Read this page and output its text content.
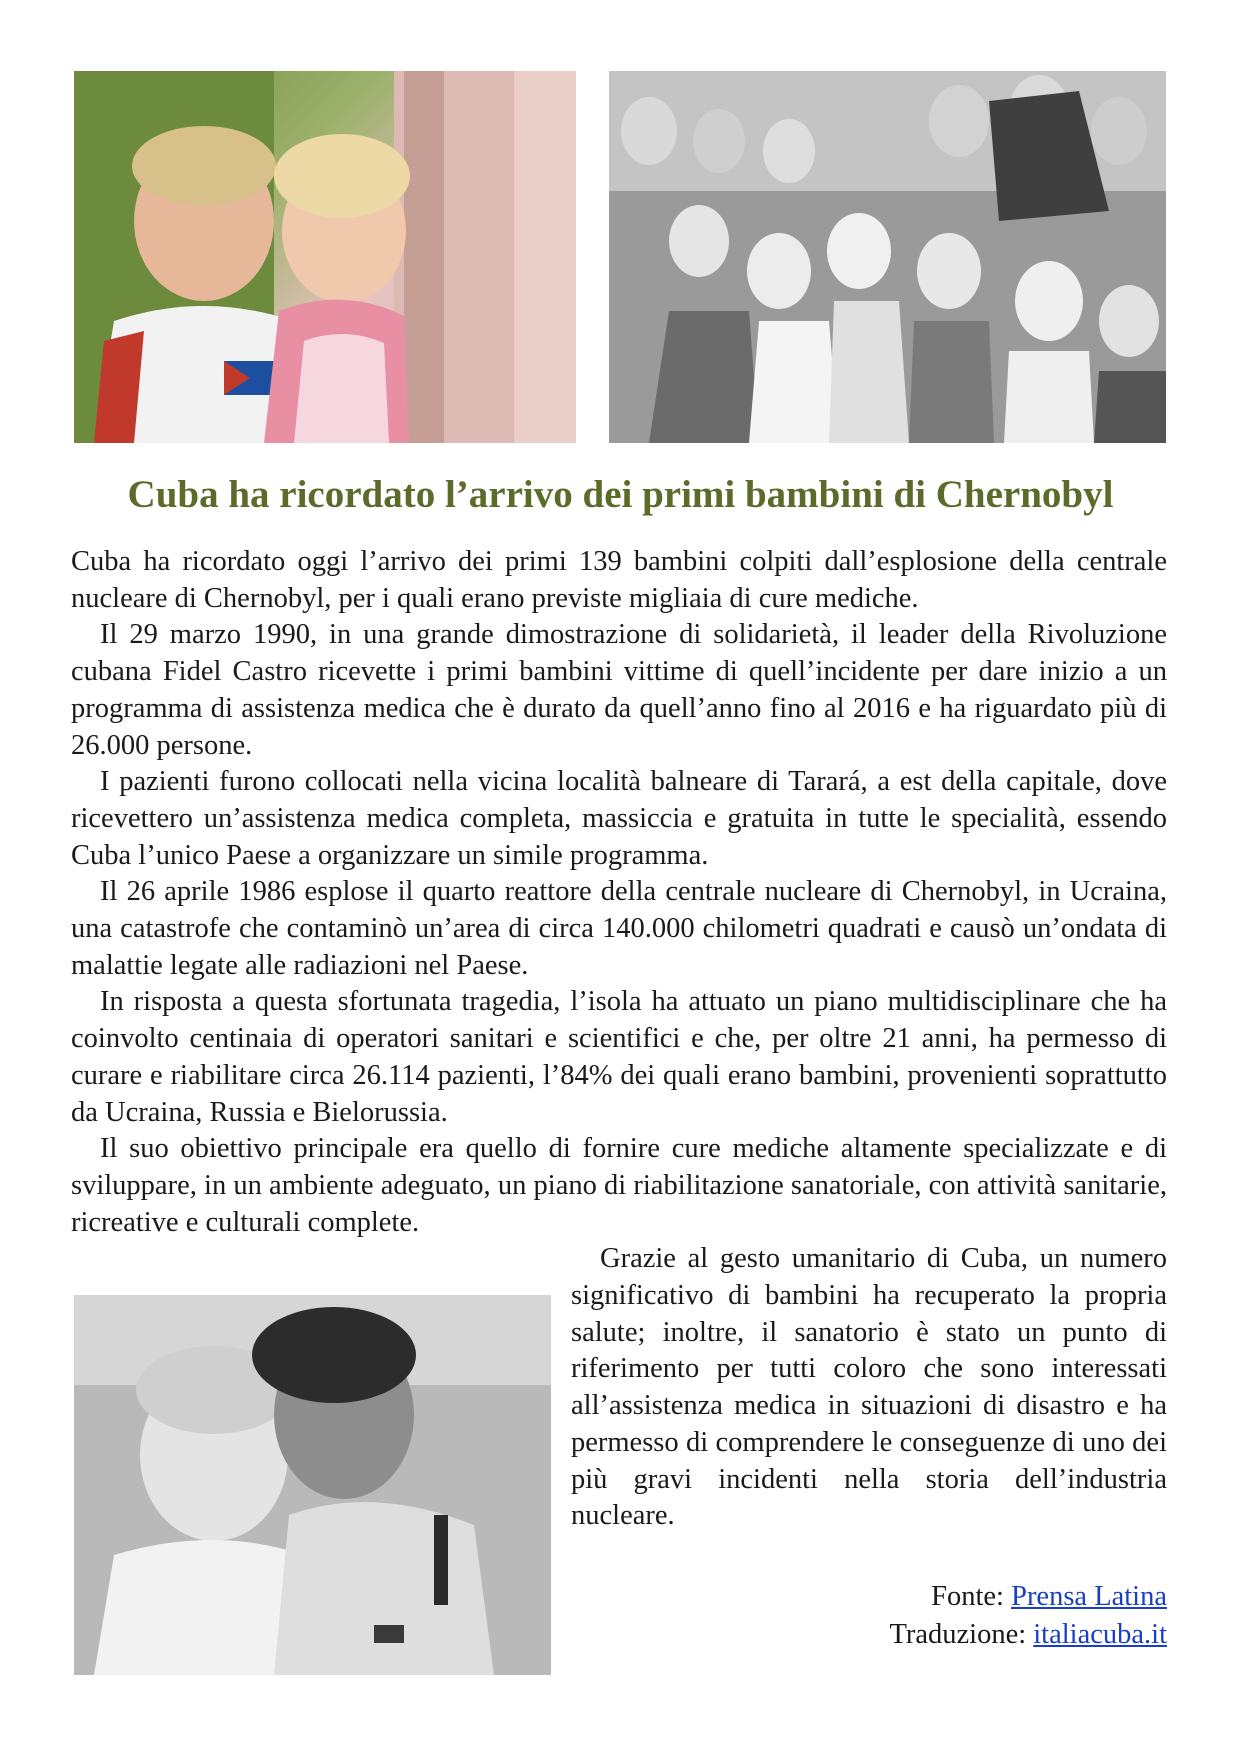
Cuba ha ricordato l’arrivo dei primi bambini di Chernobyl

Cuba ha ricordato oggi l’arrivo dei primi 139 bambini colpiti dall’esplosione della centrale nucleare di Chernobyl, per i quali erano previste migliaia di cure mediche.

Il 29 marzo 1990, in una grande dimostrazione di solidarietà, il leader della Rivoluzione cubana Fidel Castro ricevette i primi bambini vittime di quell’incidente per dare inizio a un programma di assistenza medica che è durato da quell’anno fino al 2016 e ha riguardato più di 26.000 persone.

I pazienti furono collocati nella vicina località balneare di Tarará, a est della capitale, dove ricevettero un’assistenza medica completa, massiccia e gratuita in tutte le specialità, essendo Cuba l’unico Paese a organizzare un simile programma.

Il 26 aprile 1986 esplose il quarto reattore della centrale nucleare di Chernobyl, in Ucraina, una catastrofe che contaminò un’area di circa 140.000 chilometri quadrati e causò un’ondata di malattie legate alle radiazioni nel Paese.

In risposta a questa sfortunata tragedia, l’isola ha attuato un piano multidisciplinare che ha coinvolto centinaia di operatori sanitari e scientifici e che, per oltre 21 anni, ha permesso di curare e riabilitare circa 26.114 pazienti, l’84% dei quali erano bambini, provenienti soprattutto da Ucraina, Russia e Bielorussia.

Il suo obiettivo principale era quello di fornire cure mediche altamente specializzate e di sviluppare, in un ambiente adeguato, un piano di riabilitazione sanatoriale, con attività sanitarie, ricreative e culturali complete.

Grazie al gesto umanitario di Cuba, un numero significativo di bambini ha recuperato la propria salute; inoltre, il sanatorio è stato un punto di riferimento per tutti coloro che sono interessati all’assistenza medica in situazioni di disastro e ha permesso di comprendere le conseguenze di uno dei più gravi incidenti nella storia dell’industria nucleare.

Fonte: Prensa Latina
Traduzione: italiacuba.it
